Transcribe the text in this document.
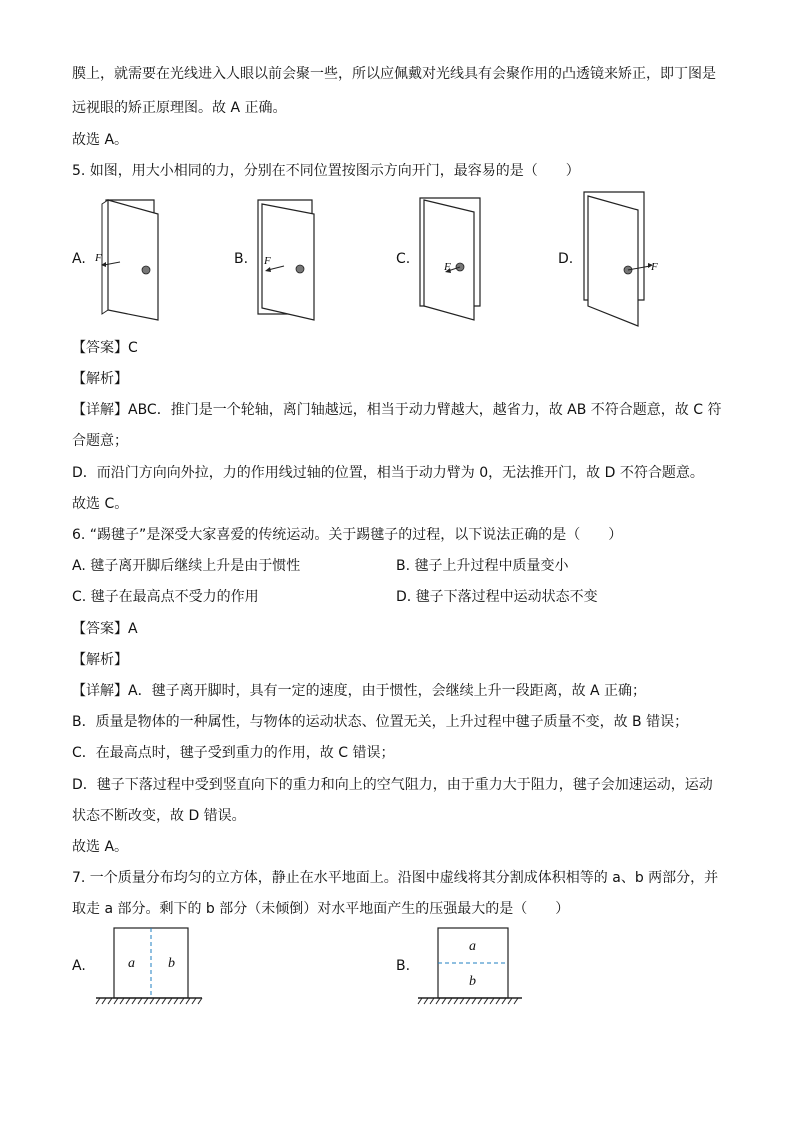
膜上，就需要在光线进入人眼以前会聚一些，所以应佩戴对光线具有会聚作用的凸透镜来矫正，即丁图是
远视眼的矫正原理图。故 A 正确。
故选 A。
5. 如图，用大小相同的力，分别在不同位置按图示方向开门，最容易的是（　　）
A.	B.	C.	D.
F	F	F	F
【答案】C
【解析】
【详解】ABC．推门是一个轮轴，离门轴越远，相当于动力臂越大，越省力，故 AB 不符合题意，故 C 符
合题意；
D．而沿门方向向外拉，力的作用线过轴的位置，相当于动力臂为 0，无法推开门，故 D 不符合题意。
故选 C。
6. “踢毽子”是深受大家喜爱的传统运动。关于踢毽子的过程，以下说法正确的是（　　）
A. 毽子离开脚后继续上升是由于惯性	B. 毽子上升过程中质量变小
C. 毽子在最高点不受力的作用	D. 毽子下落过程中运动状态不变
【答案】A
【解析】
【详解】A．毽子离开脚时，具有一定的速度，由于惯性，会继续上升一段距离，故 A 正确；
B．质量是物体的一种属性，与物体的运动状态、位置无关，上升过程中毽子质量不变，故 B 错误；
C．在最高点时，毽子受到重力的作用，故 C 错误；
D．毽子下落过程中受到竖直向下的重力和向上的空气阻力，由于重力大于阻力，毽子会加速运动，运动
状态不断改变，故 D 错误。
故选 A。
7. 一个质量分布均匀的立方体，静止在水平地面上。沿图中虚线将其分割成体积相等的 a、b 两部分，并
取走 a 部分。剩下的 b 部分（未倾倒）对水平地面产生的压强最大的是（　　）
A.	a b	B.
a
b
